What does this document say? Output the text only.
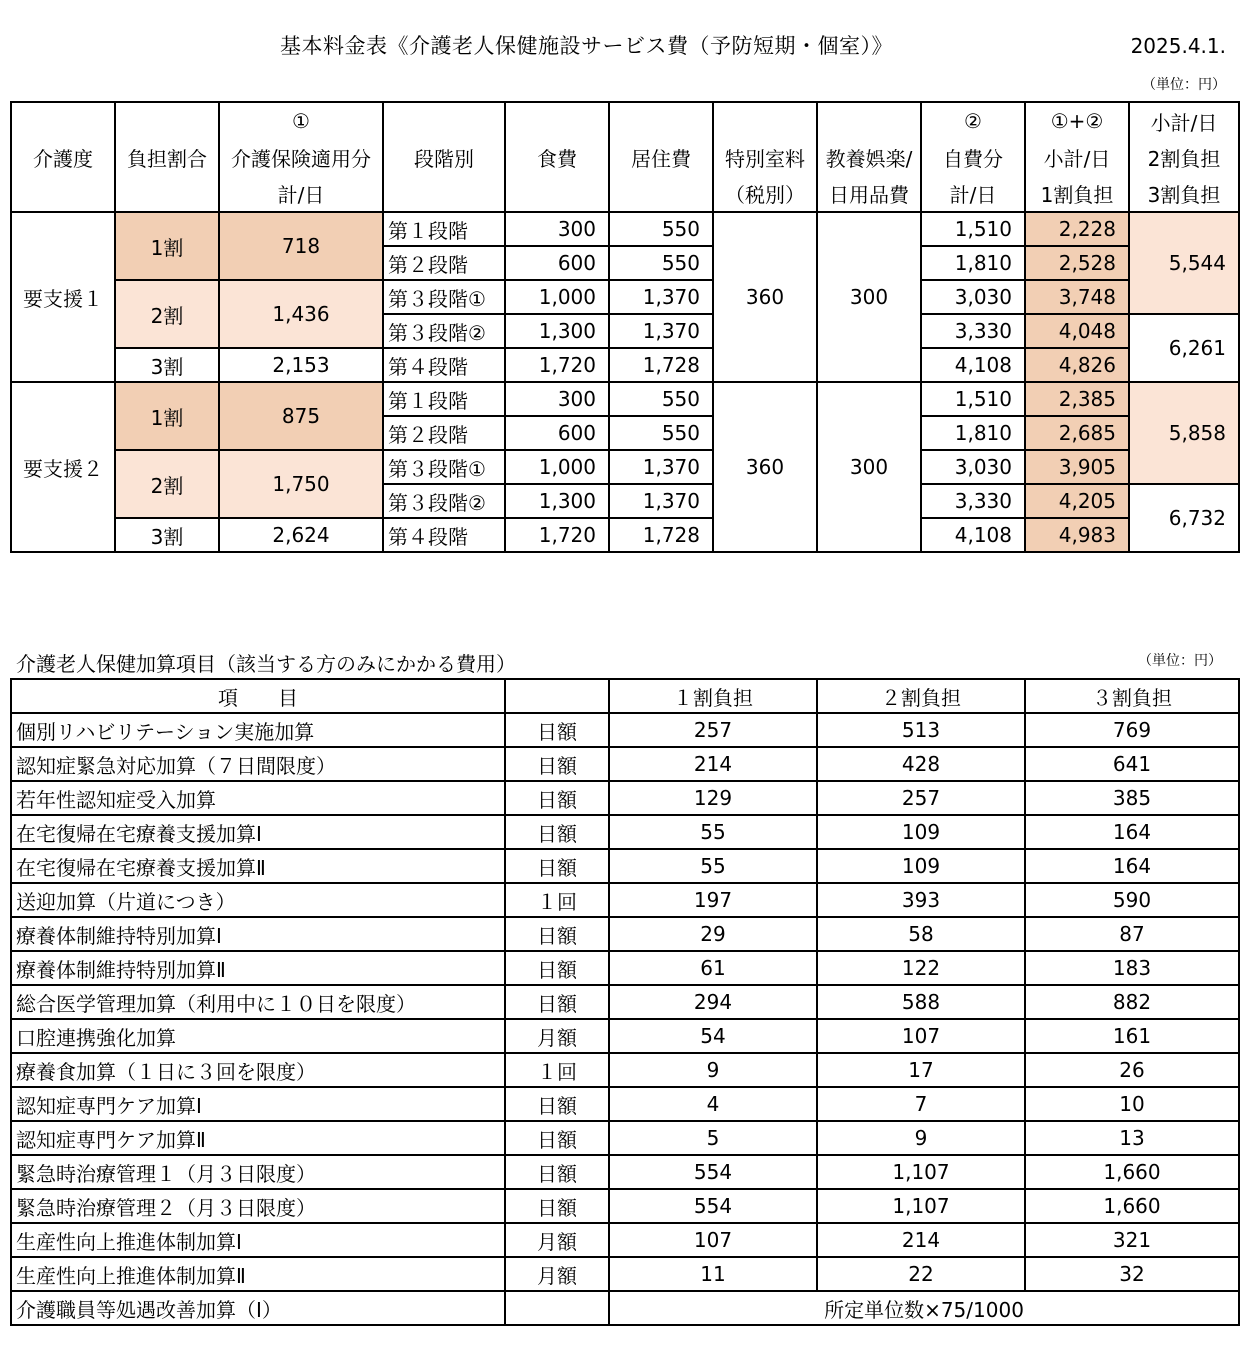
基本料金表《介護老人保健施設サービス費（予防短期・個室）》	2025.4.1.
（単位：円）
		①						②	①+②	小計/日
介護度	負担割合	介護保険適用分	段階別	食費	居住費	特別室料	教養娯楽/	自費分	小計/日	2割負担
		計/日				（税別）	日用品費	計/日	1割負担	3割負担
要支援１	1割	718	第１段階	300	550	360	300	1,510	2,228	5,544
			第２段階	600	550			1,810	2,528	
	2割	1,436	第３段階①	1,000	1,370			3,030	3,748	
			第３段階②	1,300	1,370			3,330	4,048	6,261
	3割	2,153	第４段階	1,720	1,728			4,108	4,826	
要支援２	1割	875	第１段階	300	550	360	300	1,510	2,385	5,858
			第２段階	600	550			1,810	2,685	
	2割	1,750	第３段階①	1,000	1,370			3,030	3,905	
			第３段階②	1,300	1,370			3,330	4,205	6,732
	3割	2,624	第４段階	1,720	1,728			4,108	4,983	
介護老人保健加算項目（該当する方のみにかかる費用）	（単位：円）
項　　目		１割負担	２割負担	３割負担
個別リハビリテーション実施加算	日額	257	513	769
認知症緊急対応加算（７日間限度）	日額	214	428	641
若年性認知症受入加算	日額	129	257	385
在宅復帰在宅療養支援加算Ⅰ	日額	55	109	164
在宅復帰在宅療養支援加算Ⅱ	日額	55	109	164
送迎加算（片道につき）	１回	197	393	590
療養体制維持特別加算Ⅰ	日額	29	58	87
療養体制維持特別加算Ⅱ	日額	61	122	183
総合医学管理加算（利用中に１０日を限度）	日額	294	588	882
口腔連携強化加算	月額	54	107	161
療養食加算（１日に３回を限度）	１回	9	17	26
認知症専門ケア加算Ⅰ	日額	4	7	10
認知症専門ケア加算Ⅱ	日額	5	9	13
緊急時治療管理１（月３日限度）	日額	554	1,107	1,660
緊急時治療管理２（月３日限度）	日額	554	1,107	1,660
生産性向上推進体制加算Ⅰ	月額	107	214	321
生産性向上推進体制加算Ⅱ	月額	11	22	32
介護職員等処遇改善加算（Ⅰ）		所定単位数×75/1000		
